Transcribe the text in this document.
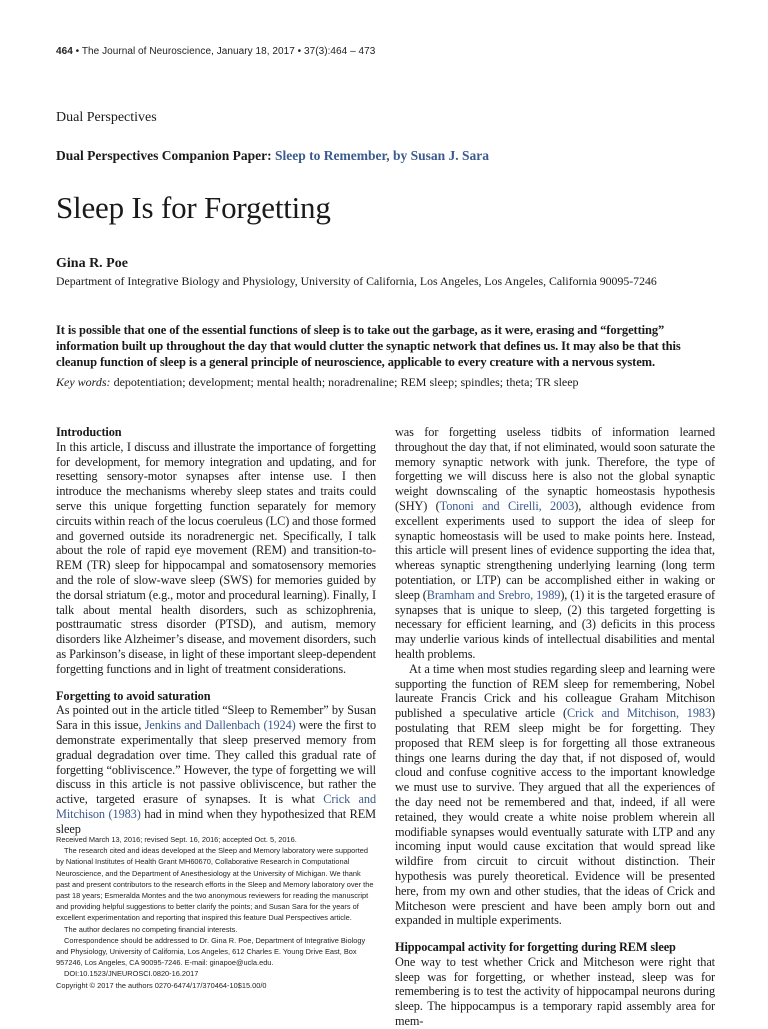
464 • The Journal of Neuroscience, January 18, 2017 • 37(3):464 – 473
Dual Perspectives
Dual Perspectives Companion Paper: Sleep to Remember, by Susan J. Sara
Sleep Is for Forgetting
Gina R. Poe
Department of Integrative Biology and Physiology, University of California, Los Angeles, Los Angeles, California 90095-7246
It is possible that one of the essential functions of sleep is to take out the garbage, as it were, erasing and “forgetting” information built up throughout the day that would clutter the synaptic network that defines us. It may also be that this cleanup function of sleep is a general principle of neuroscience, applicable to every creature with a nervous system.
Key words: depotentiation; development; mental health; noradrenaline; REM sleep; spindles; theta; TR sleep

Introduction

In this article, I discuss and illustrate the importance of forgetting for development, for memory integration and updating, and for resetting sensory-motor synapses after intense use. I then introduce the mechanisms whereby sleep states and traits could serve this unique forgetting function separately for memory circuits within reach of the locus coeruleus (LC) and those formed and governed outside its noradrenergic net. Specifically, I talk about the role of rapid eye movement (REM) and transition-to-REM (TR) sleep for hippocampal and somatosensory memories and the role of slow-wave sleep (SWS) for memories guided by the dorsal striatum (e.g., motor and procedural learning). Finally, I talk about mental health disorders, such as schizophrenia, posttraumatic stress disorder (PTSD), and autism, memory disorders like Alzheimer’s disease, and movement disorders, such as Parkinson’s disease, in light of these important sleep-dependent forgetting functions and in light of treatment considerations.

Forgetting to avoid saturation

As pointed out in the article titled “Sleep to Remember” by Susan Sara in this issue, Jenkins and Dallenbach (1924) were the first to demonstrate experimentally that sleep preserved memory from gradual degradation over time. They called this gradual rate of forgetting “obliviscence.” However, the type of forgetting we will discuss in this article is not passive obliviscence, but rather the active, targeted erasure of synapses. It is what Crick and Mitchison (1983) had in mind when they hypothesized that REM sleep

Received March 13, 2016; revised Sept. 16, 2016; accepted Oct. 5, 2016.

The research cited and ideas developed at the Sleep and Memory laboratory were supported by National Institutes of Health Grant MH60670, Collaborative Research in Computational Neuroscience, and the Department of Anesthesiology at the University of Michigan. We thank past and present contributors to the research efforts in the Sleep and Memory laboratory over the past 18 years; Esmeralda Montes and the two anonymous reviewers for reading the manuscript and providing helpful suggestions to better clarify the points; and Susan Sara for the years of excellent experimentation and reporting that inspired this feature Dual Perspectives article.

The author declares no competing financial interests.

Correspondence should be addressed to Dr. Gina R. Poe, Department of Integrative Biology and Physiology, University of California, Los Angeles, 612 Charles E. Young Drive East, Box 957246, Los Angeles, CA 90095-7246. E-mail: ginapoe@ucla.edu.

DOI:10.1523/JNEUROSCI.0820-16.2017

Copyright © 2017 the authors 0270-6474/17/370464-10$15.00/0

was for forgetting useless tidbits of information learned throughout the day that, if not eliminated, would soon saturate the memory synaptic network with junk. Therefore, the type of forgetting we will discuss here is also not the global synaptic weight downscaling of the synaptic homeostasis hypothesis (SHY) (Tononi and Cirelli, 2003), although evidence from excellent experiments used to support the idea of sleep for synaptic homeostasis will be used to make points here. Instead, this article will present lines of evidence supporting the idea that, whereas synaptic strengthening underlying learning (long term potentiation, or LTP) can be accomplished either in waking or sleep (Bramham and Srebro, 1989), (1) it is the targeted erasure of synapses that is unique to sleep, (2) this targeted forgetting is necessary for efficient learning, and (3) deficits in this process may underlie various kinds of intellectual disabilities and mental health problems.

At a time when most studies regarding sleep and learning were supporting the function of REM sleep for remembering, Nobel laureate Francis Crick and his colleague Graham Mitchison published a speculative article (Crick and Mitchison, 1983) postulating that REM sleep might be for forgetting. They proposed that REM sleep is for forgetting all those extraneous things one learns during the day that, if not disposed of, would cloud and confuse cognitive access to the important knowledge we must use to survive. They argued that all the experiences of the day need not be remembered and that, indeed, if all were retained, they would create a white noise problem wherein all modifiable synapses would eventually saturate with LTP and any incoming input would cause excitation that would spread like wildfire from circuit to circuit without distinction. Their hypothesis was purely theoretical. Evidence will be presented here, from my own and other studies, that the ideas of Crick and Mitcheson were prescient and have been amply born out and expanded in multiple experiments.

Hippocampal activity for forgetting during REM sleep

One way to test whether Crick and Mitcheson were right that sleep was for forgetting, or whether instead, sleep was for remembering is to test the activity of hippocampal neurons during sleep. The hippocampus is a temporary rapid assembly area for mem-
